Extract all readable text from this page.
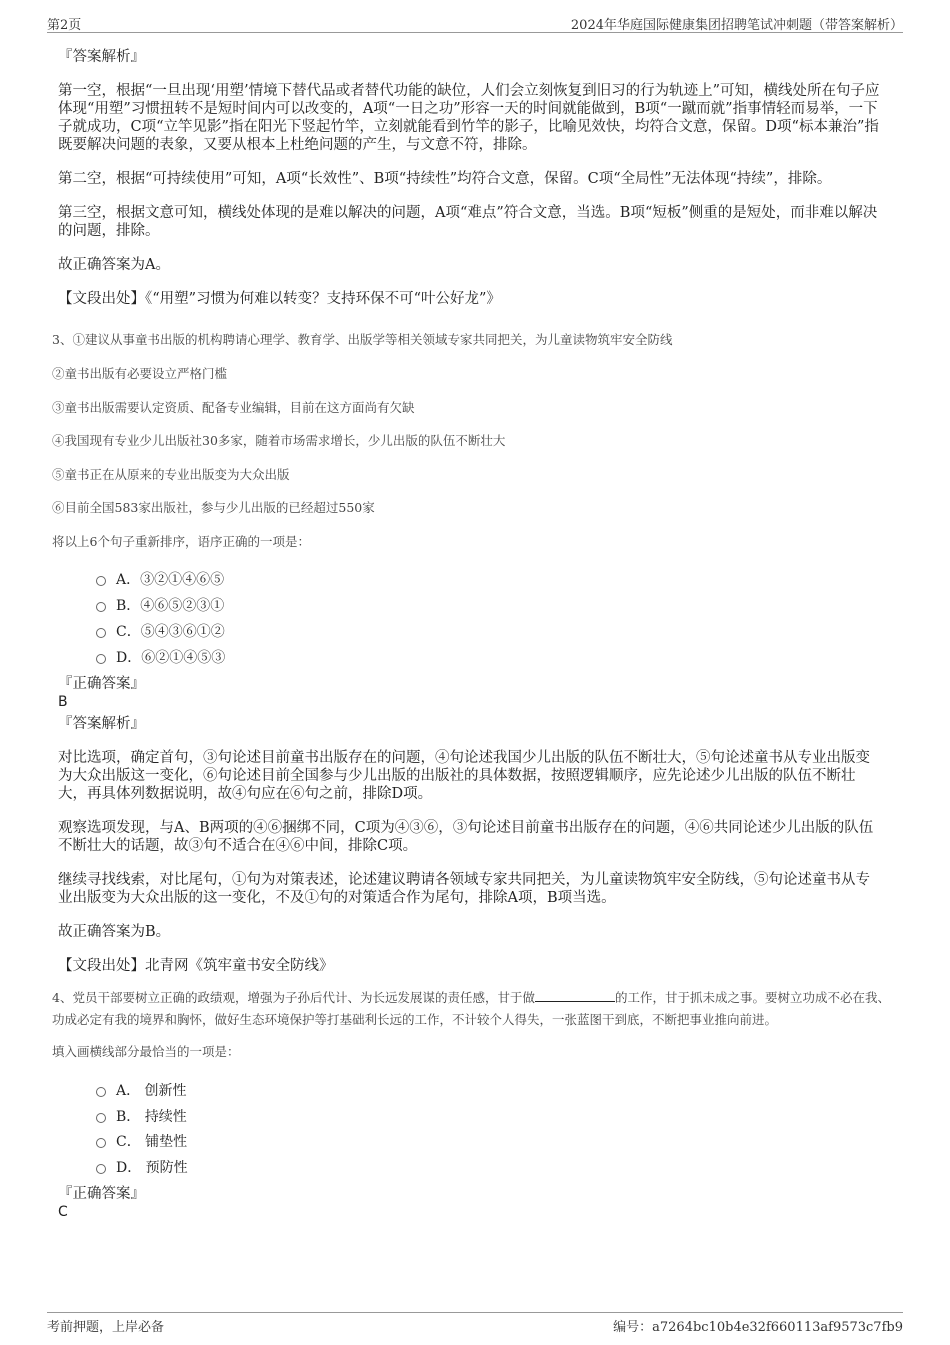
第2页	2024年华庭国际健康集团招聘笔试冲刺题（带答案解析）
『答案解析』
第一空，根据“一旦出现‘用塑’情境下替代品或者替代功能的缺位，人们会立刻恢复到旧习的行为轨迹上”可知，横线处所在句子应体现“用塑”习惯扭转不是短时间内可以改变的，A项“一日之功”形容一天的时间就能做到，B项“一蹴而就”指事情轻而易举，一下子就成功，C项“立竿见影”指在阳光下竖起竹竿，立刻就能看到竹竿的影子，比喻见效快，均符合文意，保留。D项“标本兼治”指既要解决问题的表象，又要从根本上杜绝问题的产生，与文意不符，排除。
第二空，根据“可持续使用”可知，A项“长效性”、B项“持续性”均符合文意，保留。C项“全局性”无法体现“持续”，排除。
第三空，根据文意可知，横线处体现的是难以解决的问题，A项“难点”符合文意，当选。B项“短板”侧重的是短处，而非难以解决的问题，排除。
故正确答案为A。
【文段出处】《“用塑”习惯为何难以转变？支持环保不可“叶公好龙”》
3、①建议从事童书出版的机构聘请心理学、教育学、出版学等相关领域专家共同把关，为儿童读物筑牢安全防线
②童书出版有必要设立严格门槛
③童书出版需要认定资质、配备专业编辑，目前在这方面尚有欠缺
④我国现有专业少儿出版社30多家，随着市场需求增长，少儿出版的队伍不断壮大
⑤童书正在从原来的专业出版变为大众出版
⑥目前全国583家出版社，参与少儿出版的已经超过550家
将以上6个句子重新排序，语序正确的一项是：
A．③②①④⑥⑤
B．④⑥⑤②③①
C．⑤④③⑥①②
D．⑥②①④⑤③
『正确答案』
B
『答案解析』
对比选项，确定首句，③句论述目前童书出版存在的问题，④句论述我国少儿出版的队伍不断壮大，⑤句论述童书从专业出版变为大众出版这一变化，⑥句论述目前全国参与少儿出版的出版社的具体数据，按照逻辑顺序，应先论述少儿出版的队伍不断壮大，再具体列数据说明，故④句应在⑥句之前，排除D项。
观察选项发现，与A、B两项的④⑥捆绑不同，C项为④③⑥，③句论述目前童书出版存在的问题，④⑥共同论述少儿出版的队伍不断壮大的话题，故③句不适合在④⑥中间，排除C项。
继续寻找线索，对比尾句，①句为对策表述，论述建议聘请各领域专家共同把关，为儿童读物筑牢安全防线，⑤句论述童书从专业出版变为大众出版的这一变化，不及①句的对策适合作为尾句，排除A项，B项当选。
故正确答案为B。
【文段出处】北青网《筑牢童书安全防线》
4、党员干部要树立正确的政绩观，增强为子孙后代计、为长远发展谋的责任感，甘于做	的工作，甘于抓未成之事。要树立功成不必在我、功成必定有我的境界和胸怀，做好生态环境保护等打基础利长远的工作，不计较个人得失，一张蓝图干到底，不断把事业推向前进。
填入画横线部分最恰当的一项是：
A． 创新性
B． 持续性
C． 铺垫性
D． 预防性
『正确答案』
C
考前押题，上岸必备	编号：a7264bc10b4e32f660113af9573c7fb9
